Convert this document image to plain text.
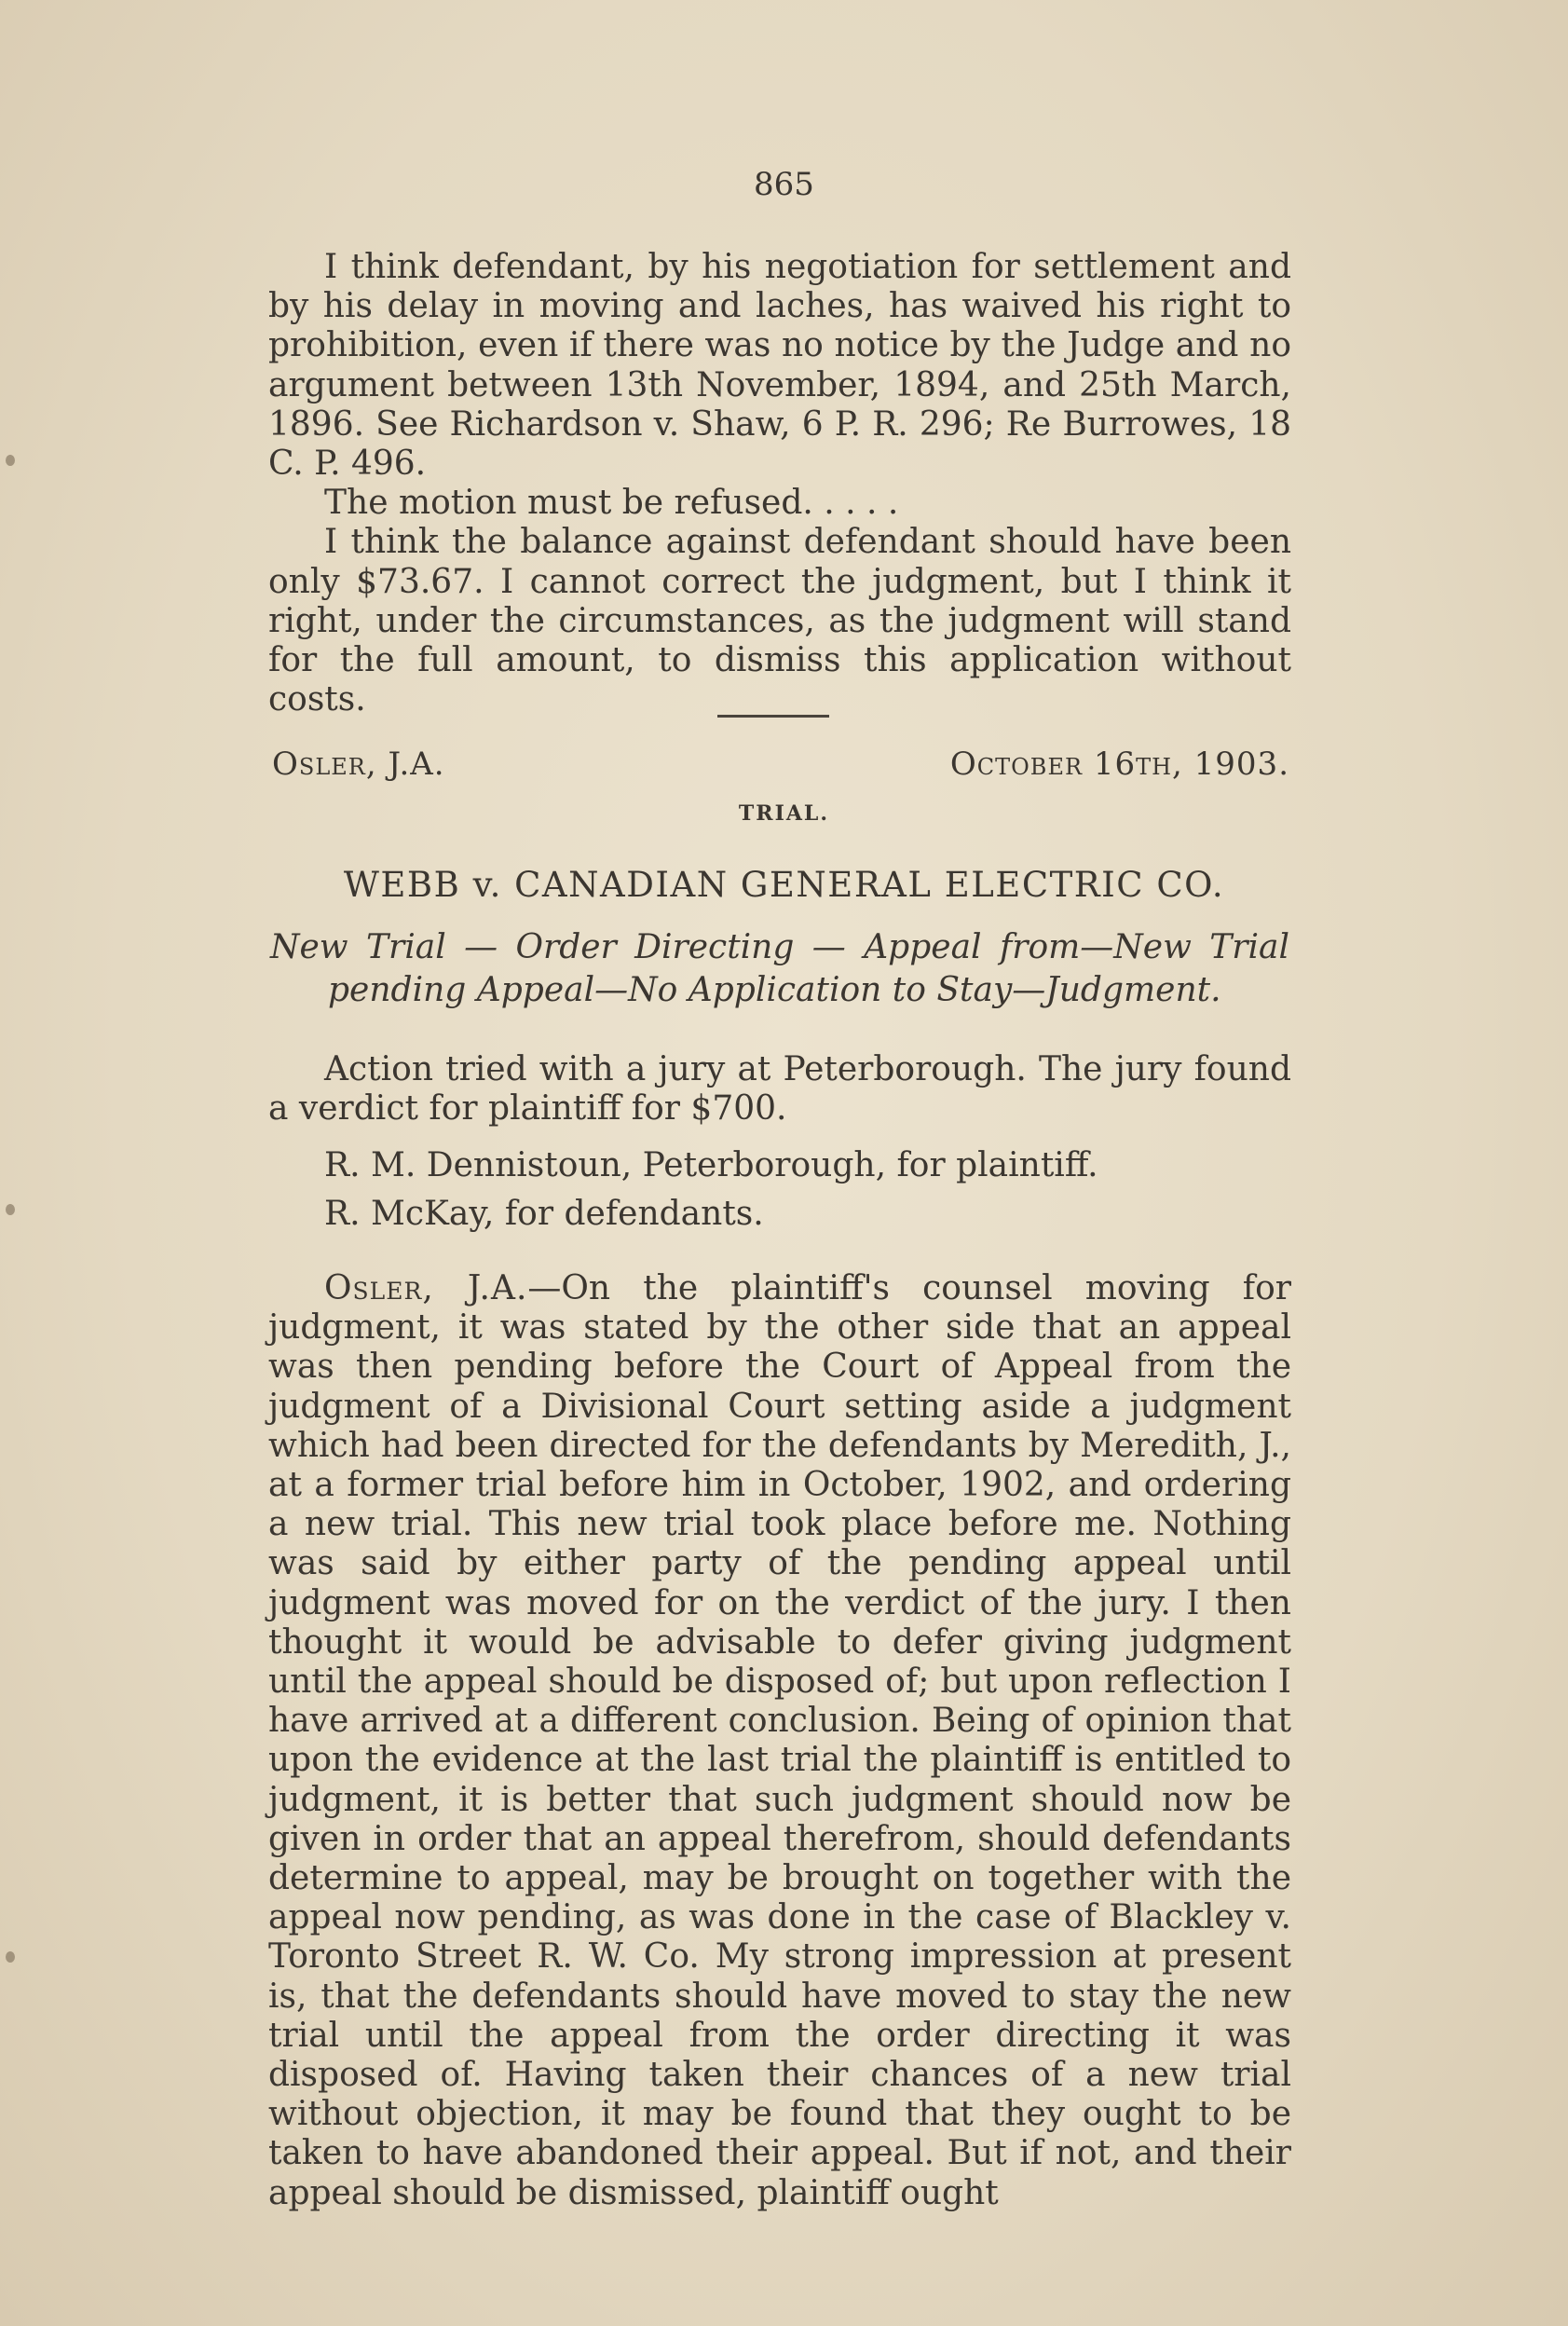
865

I think defendant, by his negotiation for settlement and by his delay in moving and laches, has waived his right to prohibition, even if there was no notice by the Judge and no argument between 13th November, 1894, and 25th March, 1896. See Richardson v. Shaw, 6 P. R. 296; Re Burrowes, 18 C. P. 496.

The motion must be refused. . . . .

I think the balance against defendant should have been only $73.67. I cannot correct the judgment, but I think it right, under the circumstances, as the judgment will stand for the full amount, to dismiss this application without costs.

Osler, J.A.	October 16th, 1903.
TRIAL.
WEBB v. CANADIAN GENERAL ELECTRIC CO.
New Trial — Order Directing — Appeal from—New Trial
pending Appeal—No Application to Stay—Judgment.

Action tried with a jury at Peterborough. The jury found a verdict for plaintiff for $700.

R. M. Dennistoun, Peterborough, for plaintiff.

R. McKay, for defendants.

Osler, J.A.—On the plaintiff's counsel moving for judgment, it was stated by the other side that an appeal was then pending before the Court of Appeal from the judgment of a Divisional Court setting aside a judgment which had been directed for the defendants by Meredith, J., at a former trial before him in October, 1902, and ordering a new trial. This new trial took place before me. Nothing was said by either party of the pending appeal until judgment was moved for on the verdict of the jury. I then thought it would be advisable to defer giving judgment until the appeal should be disposed of; but upon reflection I have arrived at a different conclusion. Being of opinion that upon the evidence at the last trial the plaintiff is entitled to judgment, it is better that such judgment should now be given in order that an appeal therefrom, should defendants determine to appeal, may be brought on together with the appeal now pending, as was done in the case of Blackley v. Toronto Street R. W. Co. My strong impression at present is, that the defendants should have moved to stay the new trial until the appeal from the order directing it was disposed of. Having taken their chances of a new trial without objection, it may be found that they ought to be taken to have abandoned their appeal. But if not, and their appeal should be dismissed, plaintiff ought
